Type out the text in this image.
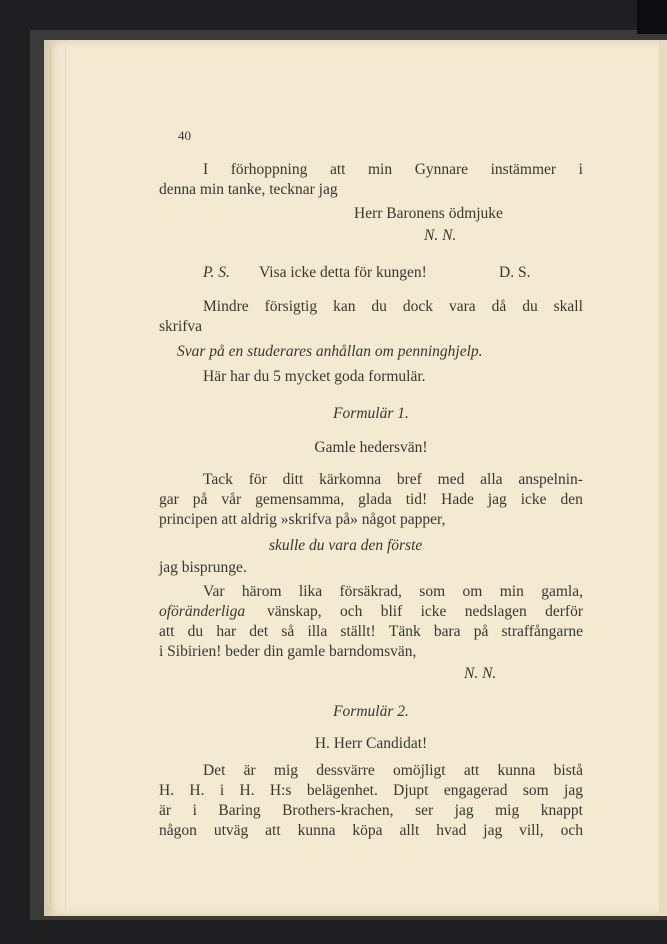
40
I förhoppning att min Gynnare instämmer i
denna min tanke, tecknar jag
Herr Baronens ödmjuke
N. N.
P. S. Visa icke detta för kungen!	D. S.
Mindre försigtig kan du dock vara då du skall
skrifva
Svar på en studerares anhållan om penninghjelp.
Här har du 5 mycket goda formulär.
Formulär 1.
Gamle hedersvän!
Tack för ditt kärkomna bref med alla anspelnin-
gar på vår gemensamma, glada tid! Hade jag icke den
principen att aldrig »skrifva på» något papper,
skulle du vara den förste
jag bisprunge.
Var härom lika försäkrad, som om min gamla,
oföränderliga vänskap, och blif icke nedslagen derför
att du har det så illa ställt! Tänk bara på straffångarne
i Sibirien! beder din gamle barndomsvän,
N. N.
Formulär 2.
H. Herr Candidat!
Det är mig dessvärre omöjligt att kunna bistå
H. H. i H. H:s belägenhet. Djupt engagerad som jag
är i Baring Brothers-krachen, ser jag mig knappt
någon utväg att kunna köpa allt hvad jag vill, och
